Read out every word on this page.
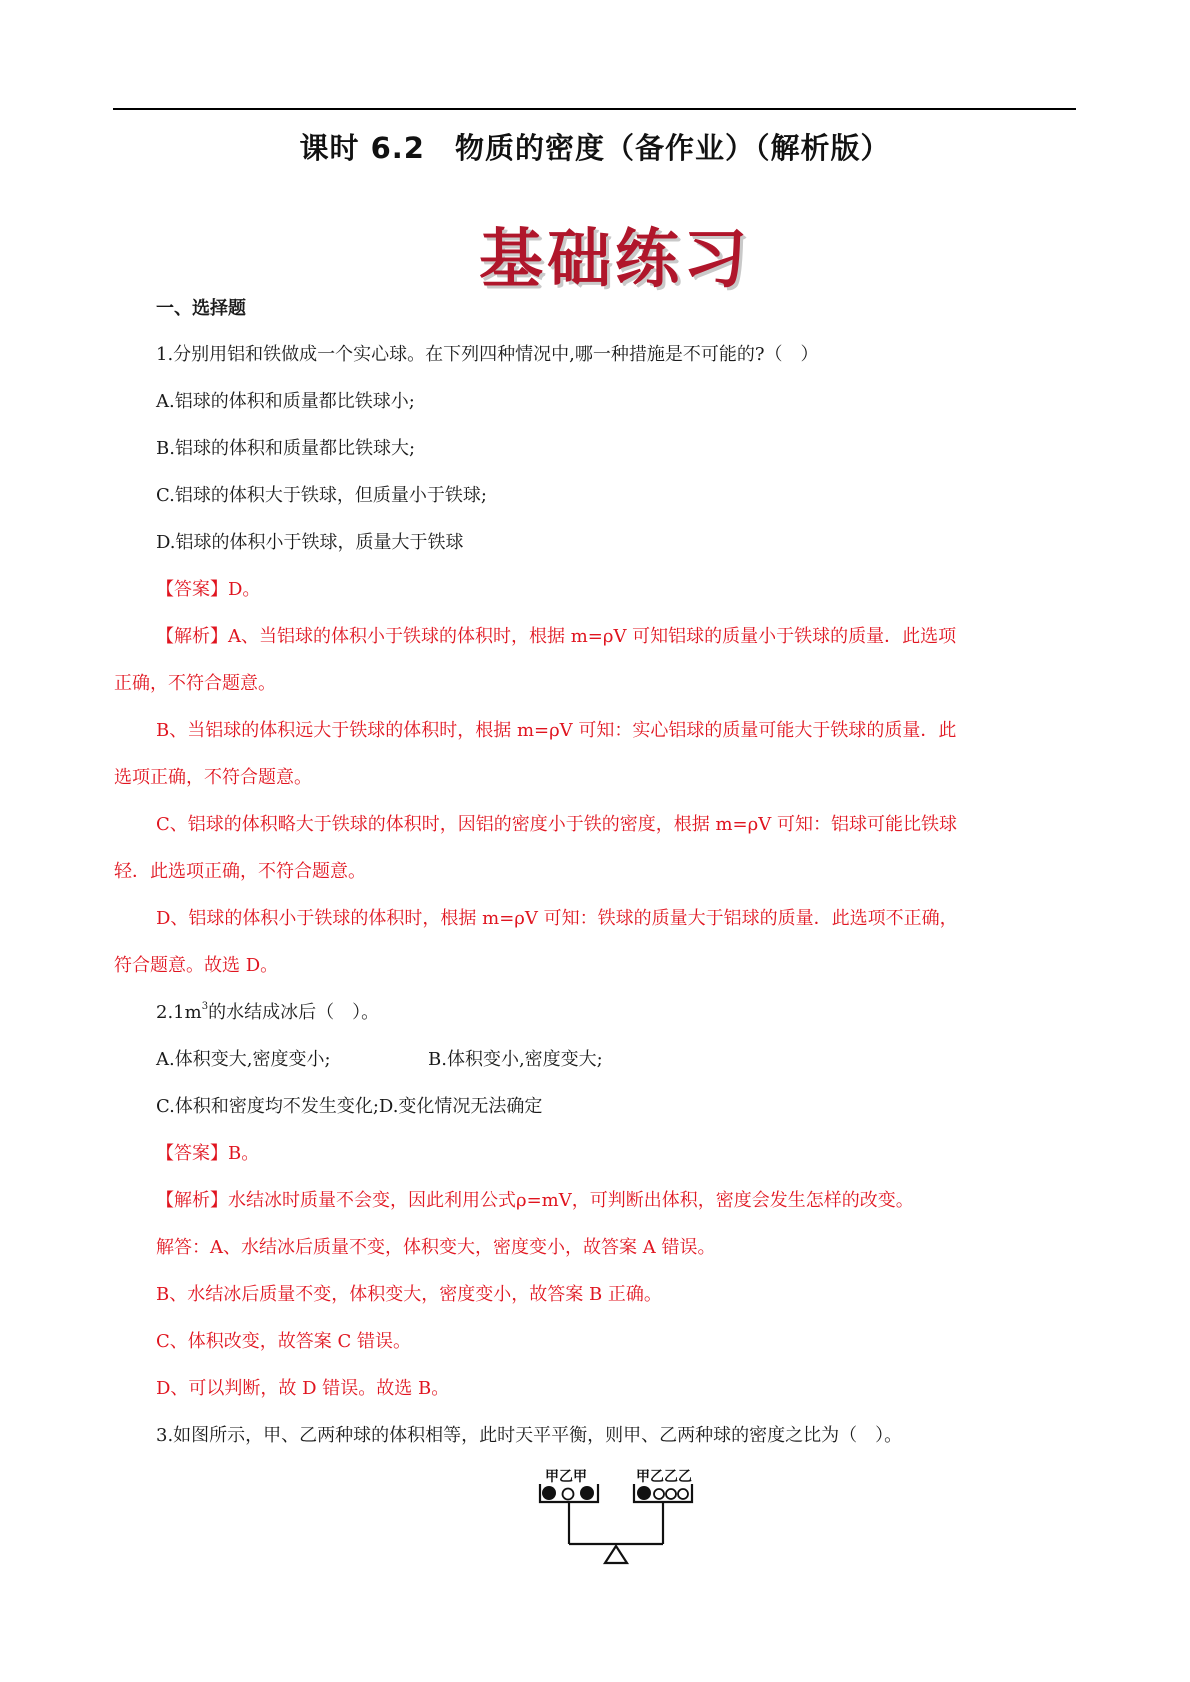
课时 6.2　物质的密度（备作业）（解析版）
基础练习
一、选择题
1.分别用铝和铁做成一个实心球。在下列四种情况中,哪一种措施是不可能的?（　）
A.铝球的体积和质量都比铁球小;
B.铝球的体积和质量都比铁球大;
C.铝球的体积大于铁球，但质量小于铁球;
D.铝球的体积小于铁球，质量大于铁球
【答案】D。
【解析】A、当铝球的体积小于铁球的体积时，根据 m=ρV 可知铝球的质量小于铁球的质量．此选项
正确，不符合题意。
B、当铝球的体积远大于铁球的体积时，根据 m=ρV 可知：实心铝球的质量可能大于铁球的质量．此
选项正确，不符合题意。
C、铝球的体积略大于铁球的体积时，因铝的密度小于铁的密度，根据 m=ρV 可知：铝球可能比铁球
轻．此选项正确，不符合题意。
D、铝球的体积小于铁球的体积时，根据 m=ρV 可知：铁球的质量大于铝球的质量．此选项不正确，
符合题意。故选 D。
$2.1m^3$的水结成冰后（　）。
A.体积变大,密度变小;	B.体积变小,密度变大;
C.体积和密度均不发生变化;D.变化情况无法确定
【答案】B。
【解析】水结冰时质量不会变，因此利用公式ρ=mV，可判断出体积，密度会发生怎样的改变。
解答：A、水结冰后质量不变，体积变大，密度变小，故答案 A 错误。
B、水结冰后质量不变，体积变大，密度变小，故答案 B 正确。
C、体积改变，故答案 C 错误。
D、可以判断，故 D 错误。故选 B。
3.如图所示，甲、乙两种球的体积相等，此时天平平衡，则甲、乙两种球的密度之比为（　）。
甲乙甲	甲乙乙乙
